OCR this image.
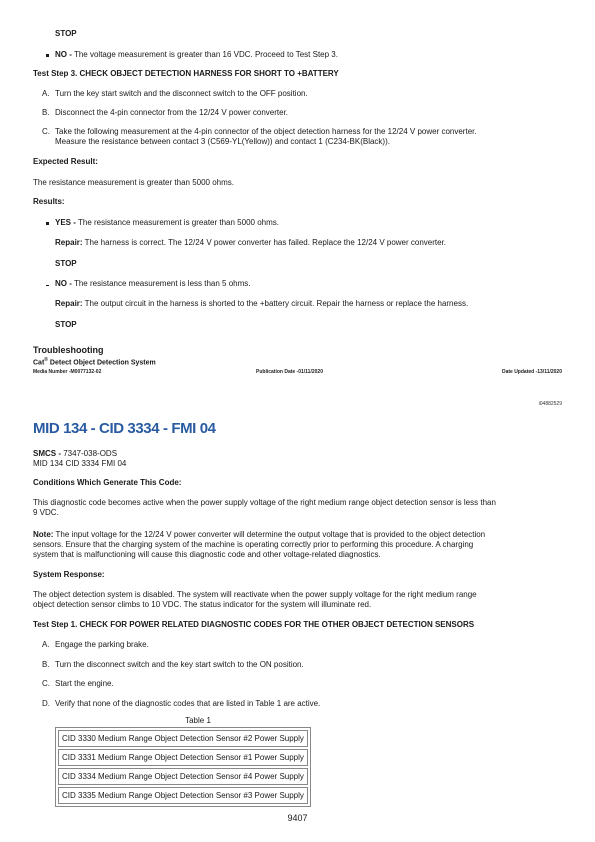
STOP
NO - The voltage measurement is greater than 16 VDC. Proceed to Test Step 3.
Test Step 3. CHECK OBJECT DETECTION HARNESS FOR SHORT TO +BATTERY
A. Turn the key start switch and the disconnect switch to the OFF position.
B. Disconnect the 4-pin connector from the 12/24 V power converter.
C. Take the following measurement at the 4-pin connector of the object detection harness for the 12/24 V power converter.
Measure the resistance between contact 3 (C569-YL(Yellow)) and contact 1 (C234-BK(Black)).
Expected Result:
The resistance measurement is greater than 5000 ohms.
Results:
YES - The resistance measurement is greater than 5000 ohms.
Repair: The harness is correct. The 12/24 V power converter has failed. Replace the 12/24 V power converter.
STOP
NO - The resistance measurement is less than 5 ohms.
Repair: The output circuit in the harness is shorted to the +battery circuit. Repair the harness or replace the harness.
STOP
Troubleshooting
Cat® Detect Object Detection System
Media Number -M0077132-02	Publication Date -01/11/2020	Date Updated -13/11/2020
i04882529
MID 134 - CID 3334 - FMI 04
SMCS - 7347-038-ODS
MID 134 CID 3334 FMI 04
Conditions Which Generate This Code:
This diagnostic code becomes active when the power supply voltage of the right medium range object detection sensor is less than
9 VDC.
Note: The input voltage for the 12/24 V power converter will determine the output voltage that is provided to the object detection
sensors. Ensure that the charging system of the machine is operating correctly prior to performing this procedure. A charging
system that is malfunctioning will cause this diagnostic code and other voltage-related diagnostics.
System Response:
The object detection system is disabled. The system will reactivate when the power supply voltage for the right medium range
object detection sensor climbs to 10 VDC. The status indicator for the system will illuminate red.
Test Step 1. CHECK FOR POWER RELATED DIAGNOSTIC CODES FOR THE OTHER OBJECT DETECTION SENSORS
A. Engage the parking brake.
B. Turn the disconnect switch and the key start switch to the ON position.
C. Start the engine.
D. Verify that none of the diagnostic codes that are listed in Table 1 are active.
Table 1
CID 3330 Medium Range Object Detection Sensor #2 Power Supply
CID 3331 Medium Range Object Detection Sensor #1 Power Supply
CID 3334 Medium Range Object Detection Sensor #4 Power Supply
CID 3335 Medium Range Object Detection Sensor #3 Power Supply
9407
